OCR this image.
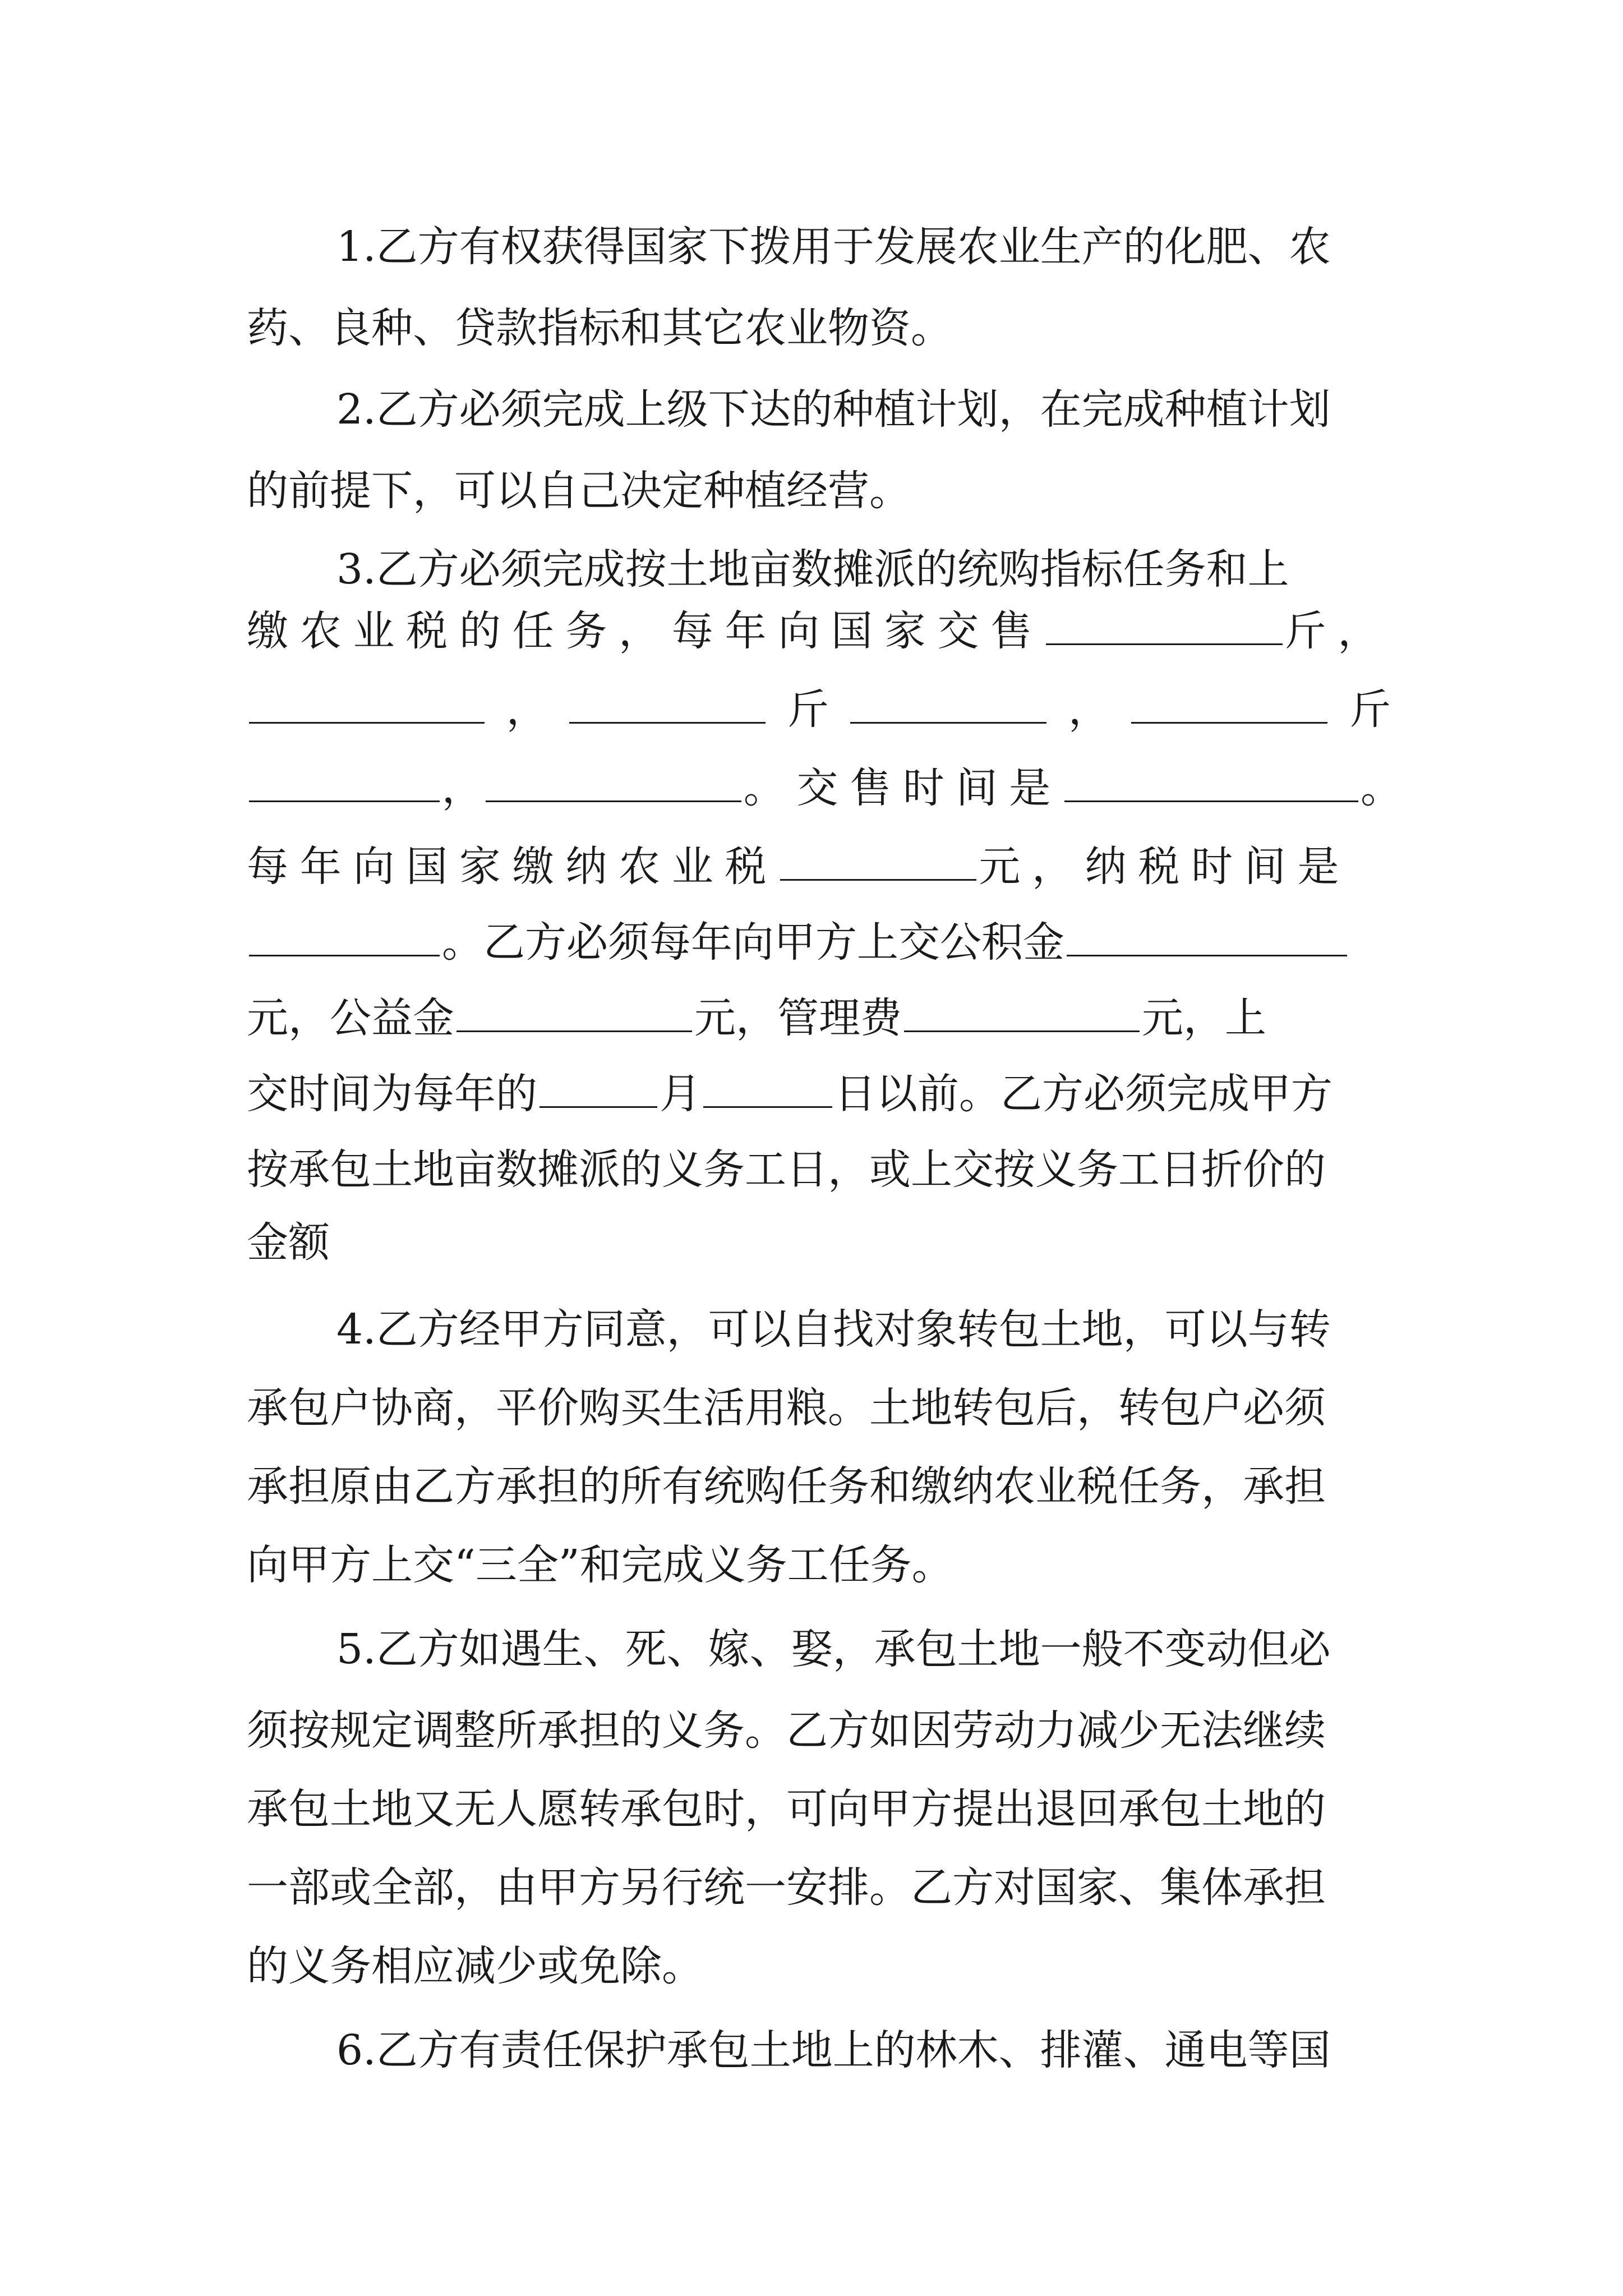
1.乙方有权获得国家下拨用于发展农业生产的化肥、农
药、良种、贷款指标和其它农业物资。
2.乙方必须完成上级下达的种植计划，在完成种植计划
的前提下，可以自己决定种植经营。
3.乙方必须完成按土地亩数摊派的统购指标任务和上
缴农业税的任务，每年向国家交售	斤，
，	斤	，	斤
，	。交售时间是	。
每年向国家缴纳农业税	元，纳税时间是
。乙方必须每年向甲方上交公积金
元，公益金	元，管理费	元，上
交时间为每年的	月	日以前。乙方必须完成甲方
按承包土地亩数摊派的义务工日，或上交按义务工日折价的
金额
4.乙方经甲方同意，可以自找对象转包土地，可以与转
承包户协商，平价购买生活用粮。土地转包后，转包户必须
承担原由乙方承担的所有统购任务和缴纳农业税任务，承担
向甲方上交“三全”和完成义务工任务。
5.乙方如遇生、死、嫁、娶，承包土地一般不变动但必
须按规定调整所承担的义务。乙方如因劳动力减少无法继续
承包土地又无人愿转承包时，可向甲方提出退回承包土地的
一部或全部，由甲方另行统一安排。乙方对国家、集体承担
的义务相应减少或免除。
6.乙方有责任保护承包土地上的林木、排灌、通电等国
